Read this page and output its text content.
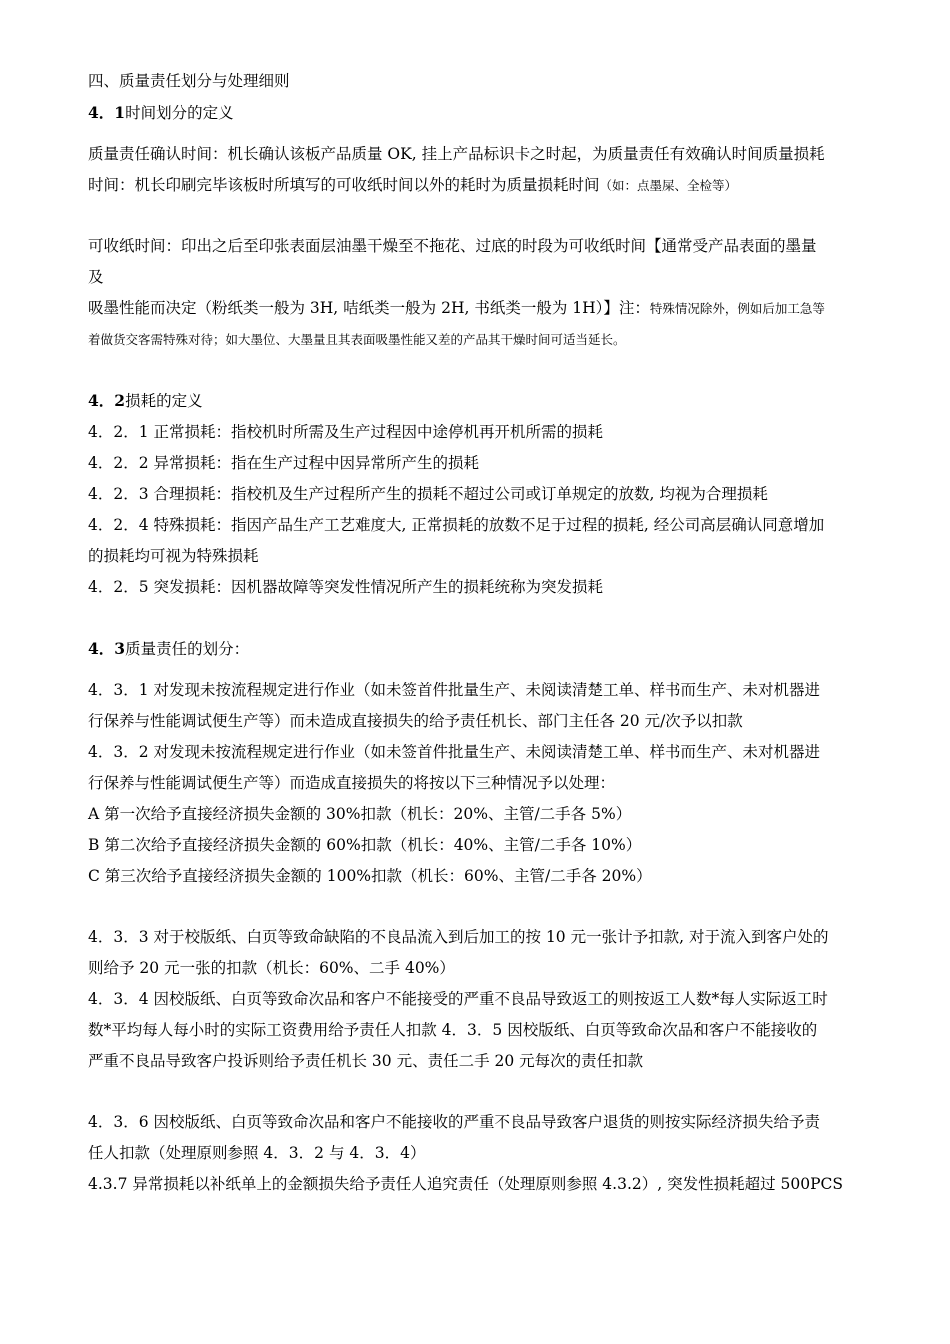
四、质量责任划分与处理细则
4．1时间划分的定义
质量责任确认时间：机长确认该板产品质量 OK, 挂上产品标识卡之时起，为质量责任有效确认时间质量损耗
时间：机长印刷完毕该板时所填写的可收纸时间以外的耗时为质量损耗时间（如：点墨屎、全检等）
可收纸时间：印出之后至印张表面层油墨干燥至不拖花、过底的时段为可收纸时间【通常受产品表面的墨量
及
吸墨性能而决定（粉纸类一般为 3H, 咭纸类一般为 2H, 书纸类一般为 1H）】注：特殊情况除外，例如后加工急等
着做货交客需特殊对待；如大墨位、大墨量且其表面吸墨性能又差的产品其干燥时间可适当延长。
4．2损耗的定义
4．2．1 正常损耗：指校机时所需及生产过程因中途停机再开机所需的损耗
4．2．2 异常损耗：指在生产过程中因异常所产生的损耗
4．2．3 合理损耗：指校机及生产过程所产生的损耗不超过公司或订单规定的放数, 均视为合理损耗
4．2．4 特殊损耗：指因产品生产工艺难度大, 正常损耗的放数不足于过程的损耗, 经公司高层确认同意增加
的损耗均可视为特殊损耗
4．2．5 突发损耗：因机器故障等突发性情况所产生的损耗统称为突发损耗
4．3质量责任的划分：
4．3．1 对发现未按流程规定进行作业（如未签首件批量生产、未阅读清楚工单、样书而生产、未对机器进
行保养与性能调试便生产等）而未造成直接损失的给予责任机长、部门主任各 20 元/次予以扣款
4．3．2 对发现未按流程规定进行作业（如未签首件批量生产、未阅读清楚工单、样书而生产、未对机器进
行保养与性能调试便生产等）而造成直接损失的将按以下三种情况予以处理：
A 第一次给予直接经济损失金额的 30%扣款（机长：20%、主管/二手各 5%）
B 第二次给予直接经济损失金额的 60%扣款（机长：40%、主管/二手各 10%）
C 第三次给予直接经济损失金额的 100%扣款（机长：60%、主管/二手各 20%）
4．3．3 对于校版纸、白页等致命缺陷的不良品流入到后加工的按 10 元一张计予扣款, 对于流入到客户处的
则给予 20 元一张的扣款（机长：60%、二手 40%）
4．3．4 因校版纸、白页等致命次品和客户不能接受的严重不良品导致返工的则按返工人数*每人实际返工时
数*平均每人每小时的实际工资费用给予责任人扣款 4．3．5 因校版纸、白页等致命次品和客户不能接收的
严重不良品导致客户投诉则给予责任机长 30 元、责任二手 20 元每次的责任扣款
4．3．6 因校版纸、白页等致命次品和客户不能接收的严重不良品导致客户退货的则按实际经济损失给予责
任人扣款（处理原则参照 4．3．2 与 4．3．4）
4.3.7 异常损耗以补纸单上的金额损失给予责任人追究责任（处理原则参照 4.3.2）, 突发性损耗超过 500PCS
